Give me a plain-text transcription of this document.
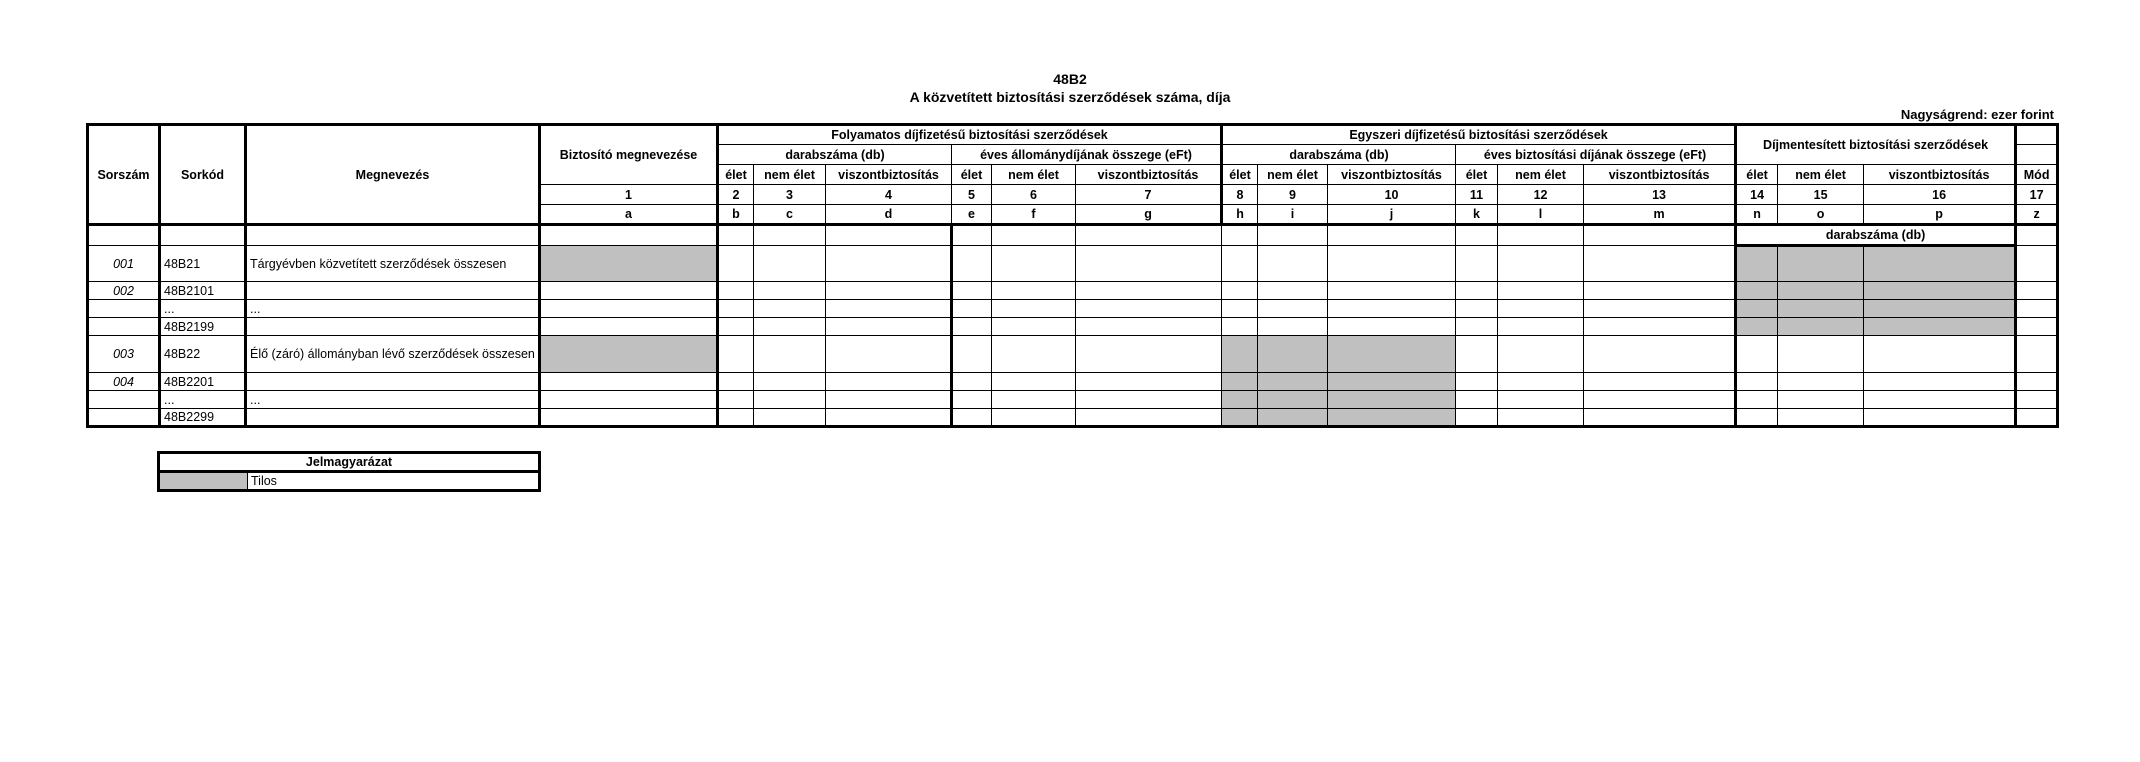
48B2
A közvetített biztosítási szerződések száma, díja
Nagyságrend: ezer forint
Sorszám	Sorkód	Megnevezés	Biztosító megnevezése	Folyamatos díjfizetésű biztosítási szerződések						Egyszeri díjfizetésű biztosítási szerződések						Díjmentesített biztosítási szerződések			
				darabszáma (db)			éves állománydíjának összege (eFt)			darabszáma (db)			éves biztosítási díjának összege (eFt)						
				élet	nem élet	viszontbiztosítás	élet	nem élet	viszontbiztosítás	élet	nem élet	viszontbiztosítás	élet	nem élet	viszontbiztosítás	élet	nem élet	viszontbiztosítás	Mód
			1	2	3	4	5	6	7	8	9	10	11	12	13	14	15	16	17
			a	b	c	d	e	f	g	h	i	j	k	l	m	n	o	p	z
																darabszáma (db)			
001	48B21	Tárgyévben közvetített szerződések összesen																	
002	48B2101																		
	...	...																	
	48B2199																		
003	48B22	Élő (záró) állományban lévő szerződések összesen																	
004	48B2201																		
	...	...																	
	48B2299																		
Jelmagyarázat
	Tilos
